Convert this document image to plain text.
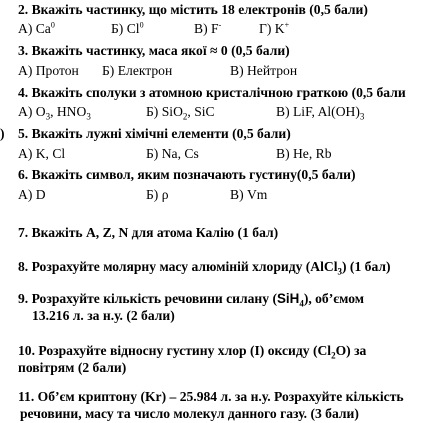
2. Вкажіть частинку, що містить 18 електронів (0,5 бали)
А) Ca$^0$	Б) Cl$^0$	В) F-	Г) K+
3. Вкажіть частинку, маса якої ≈ 0 (0,5 бали)
А) Протон Б) Електрон	В) Нейтрон
4. Вкажіть сполуки з атомною кристалічною граткою (0,5 бали
А) $O_3$, $HNO_3$	Б) SiO$_2$, SiC	В) LiF, $Al(OH)_3$
) 5. Вкажіть лужні хімічні елементи (0,5 бали)
А) K, Cl	Б) Na, Cs	В) He, Rb
6. Вкажіть символ, яким позначають густину(0,5 бали)
А) D	Б) ρ	В) Vm
7. Вкажіть A, Z, N для атома Калію (1 бал)
8. Розрахуйте молярну масу алюміній хлориду (AlCl$_3$) (1 бал)
9. Розрахуйте кількість речовини силану (SiH$_4$), об’ємом
13.216 л. за н.у. (2 бали)
10. Розрахуйте відносну густину хлор (I) оксиду $(Cl_2O)$ за
повітрям (2 бали)
11. Об’єм криптону (Kr) – 25.984 л. за н.у. Розрахуйте кількість
речовини, масу та число молекул данного газу. (3 бали)
